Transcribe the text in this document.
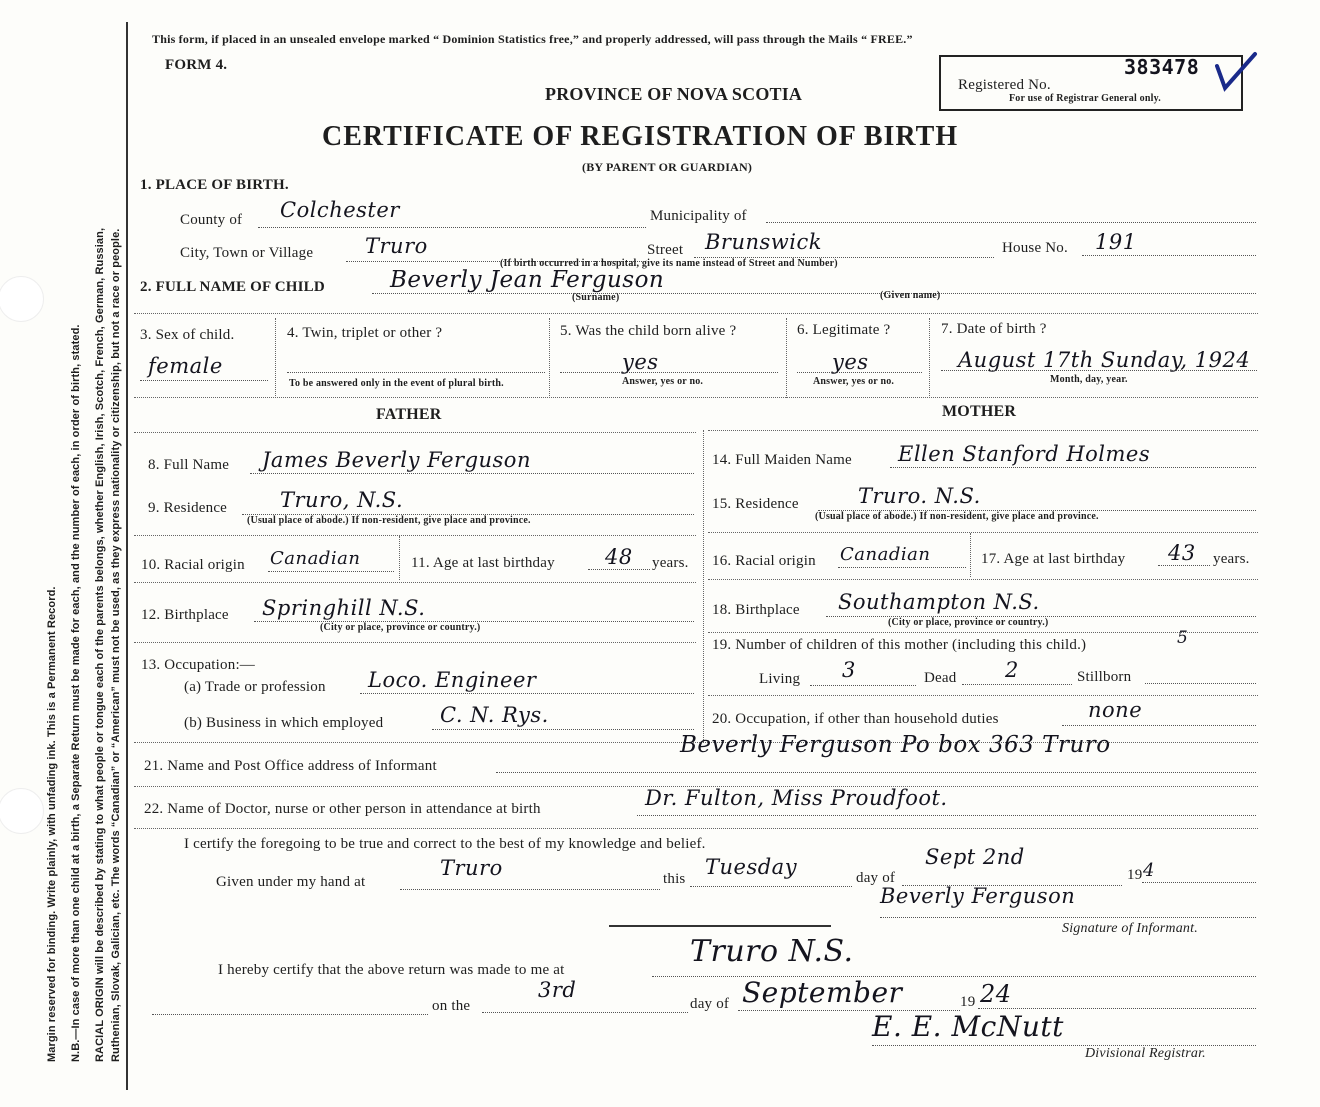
Margin reserved for binding. Write plainly, with unfading ink. This is a Permanent Record. N.B.—In case of more than one child at a birth, a Separate Return must be made for each, and the number of each, in order of birth, stated. RACIAL ORIGIN will be described by stating to what people or tongue each of the parents belongs, whether English, Irish, Scotch, French, German, Russian, Ruthenian, Slovak, Galician, etc. The words “Canadian” or “American” must not be used, as they express nationality or citizenship, but not a race or people.
This form, if placed in an unsealed envelope marked “ Dominion Statistics free,” and properly addressed, will pass through the Mails “ FREE.”
FORM 4.
PROVINCE OF NOVA SCOTIA
CERTIFICATE OF REGISTRATION OF BIRTH
(BY PARENT OR GUARDIAN)
Registered No.
383478
For use of Registrar General only.
1. PLACE OF BIRTH.
County of Colchester	Municipality of
City, Town or Village Truro	Street Brunswick
(If birth occurred in a hospital, give its name instead of Street and Number)
House No. 191
2. FULL NAME OF CHILD	Beverly Jean Ferguson
(Surname)	(Given name)
3. Sex of child.
female
4. Twin, triplet or other ?
To be answered only in the event of plural birth.
5. Was the child born alive ?
yes
Answer, yes or no.
6. Legitimate ?
yes
Answer, yes or no.
7. Date of birth ?
August 17th Sunday, 1924
Month, day, year.
FATHER	MOTHER
8. Full Name James Beverly Ferguson
9. Residence	Truro, N.S.
(Usual place of abode.) If non-resident, give place and province.
10. Racial origin Canadian	11. Age at last birthday 48 years.
12. Birthplace Springhill N.S.
(City or place, province or country.)
13. Occupation:—
(a) Trade or profession Loco. Engineer
(b) Business in which employed	C. N. Rys.
14. Full Maiden Name Ellen Stanford Holmes
15. Residence	Truro. N.S.
(Usual place of abode.) If non-resident, give place and province.
16. Racial origin Canadian	17. Age at last birthday 43 years.
18. Birthplace Southampton N.S.
(City or place, province or country.)
19. Number of children of this mother (including this child.)	5
Living 3	Dead 2	Stillborn
20. Occupation, if other than household duties	none
21. Name and Post Office address of Informant
Beverly Ferguson Po box 363 Truro
22. Name of Doctor, nurse or other person in attendance at birth	Dr. Fulton, Miss Proudfoot.
I certify the foregoing to be true and correct to the best of my knowledge and belief.
Given under my hand at
Truro	this Tuesday	day of
Sept 2nd
19 4
Beverly Ferguson
Signature of Informant.
I hereby certify that the above return was made to me at
Truro N.S.
on the
3rd
day of September	19 24
E. E. McNutt
Divisional Registrar.
